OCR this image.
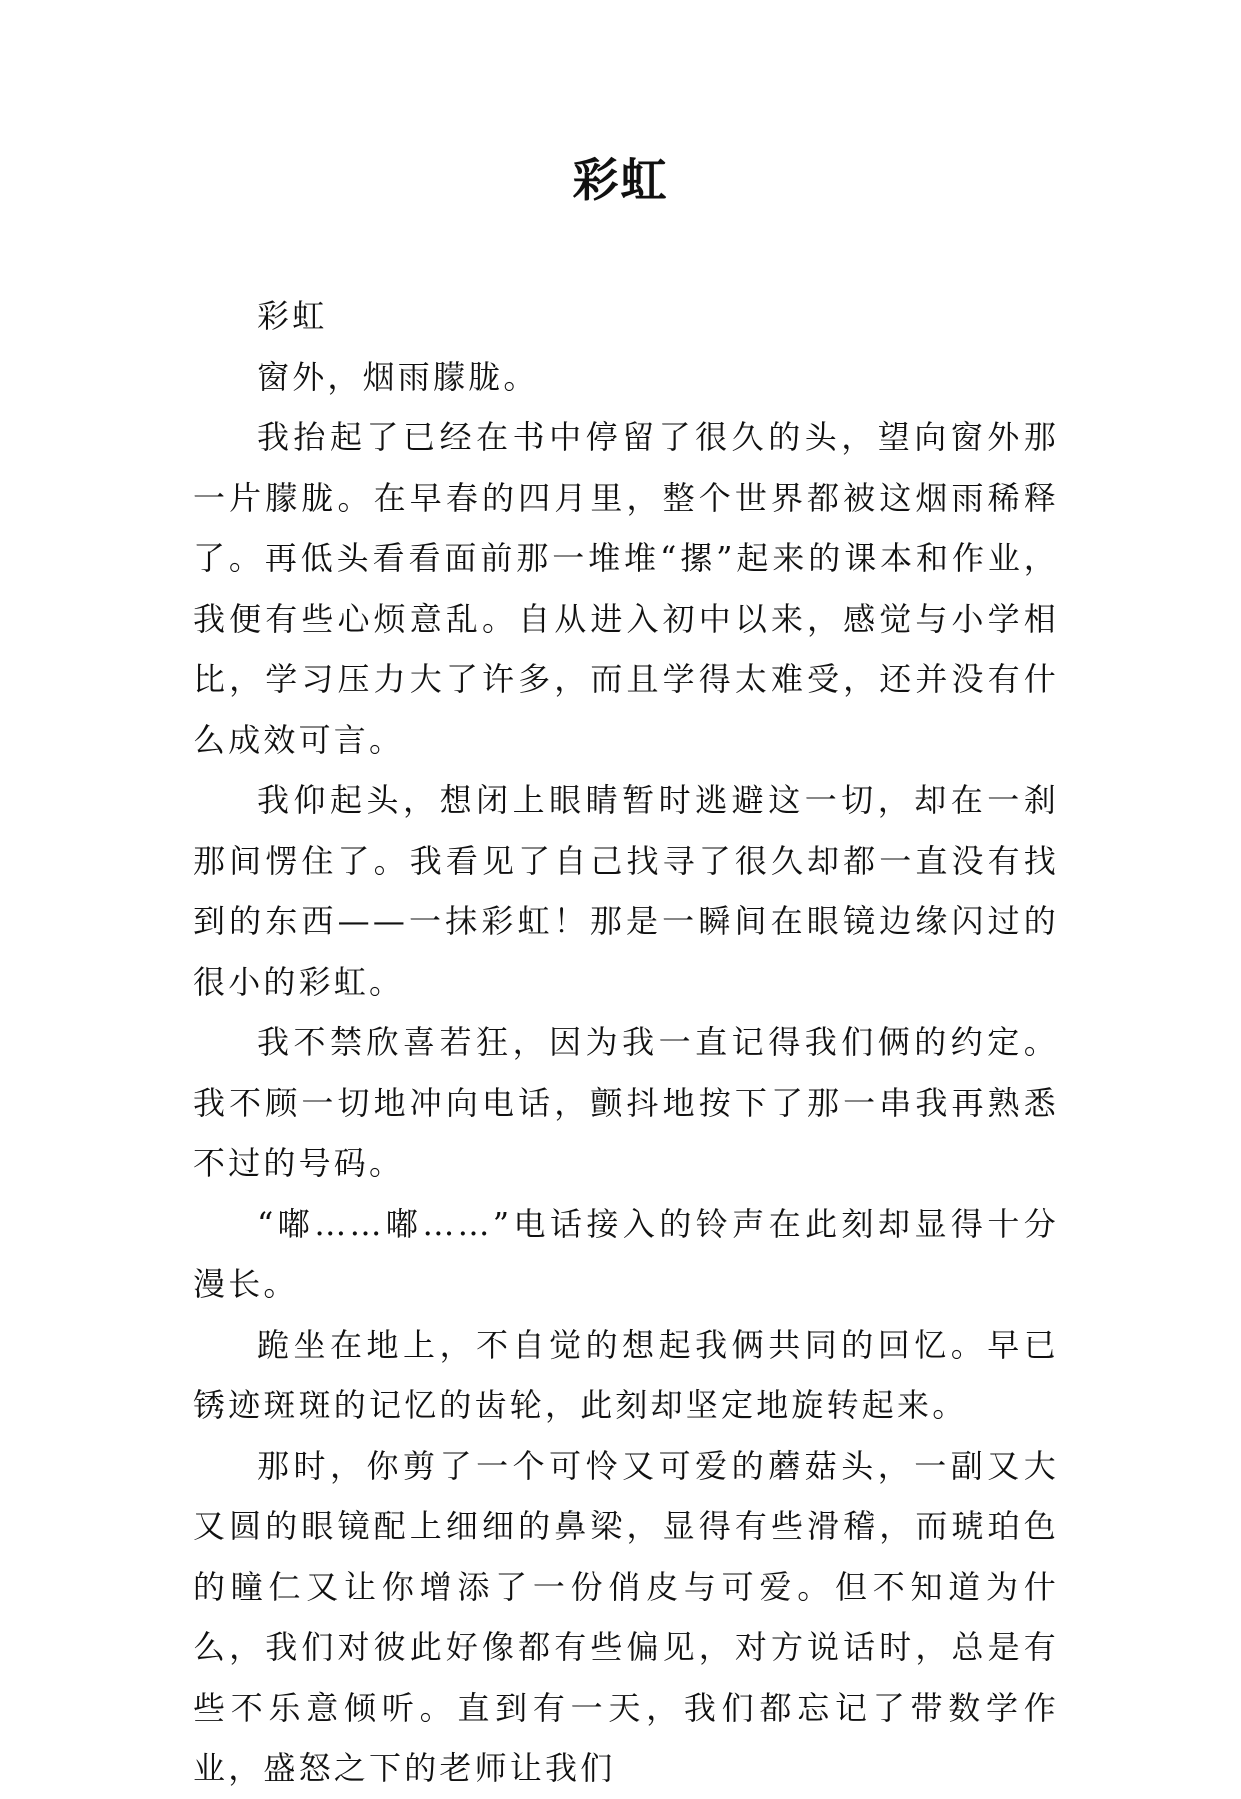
彩虹

彩虹

窗外，烟雨朦胧。

我抬起了已经在书中停留了很久的头，望向窗外那一片朦胧。在早春的四月里，整个世界都被这烟雨稀释了。再低头看看面前那一堆堆“摞”起来的课本和作业，我便有些心烦意乱。自从进入初中以来，感觉与小学相比，学习压力大了许多，而且学得太难受，还并没有什么成效可言。

我仰起头，想闭上眼睛暂时逃避这一切，却在一刹那间愣住了。我看见了自己找寻了很久却都一直没有找到的东西——一抹彩虹！那是一瞬间在眼镜边缘闪过的很小的彩虹。

我不禁欣喜若狂，因为我一直记得我们俩的约定。我不顾一切地冲向电话，颤抖地按下了那一串我再熟悉不过的号码。

“嘟……嘟……”电话接入的铃声在此刻却显得十分漫长。

跪坐在地上，不自觉的想起我俩共同的回忆。早已锈迹斑斑的记忆的齿轮，此刻却坚定地旋转起来。

那时，你剪了一个可怜又可爱的蘑菇头，一副又大又圆的眼镜配上细细的鼻梁，显得有些滑稽，而琥珀色的瞳仁又让你增添了一份俏皮与可爱。但不知道为什么，我们对彼此好像都有些偏见，对方说话时，总是有些不乐意倾听。直到有一天，我们都忘记了带数学作业，盛怒之下的老师让我们
